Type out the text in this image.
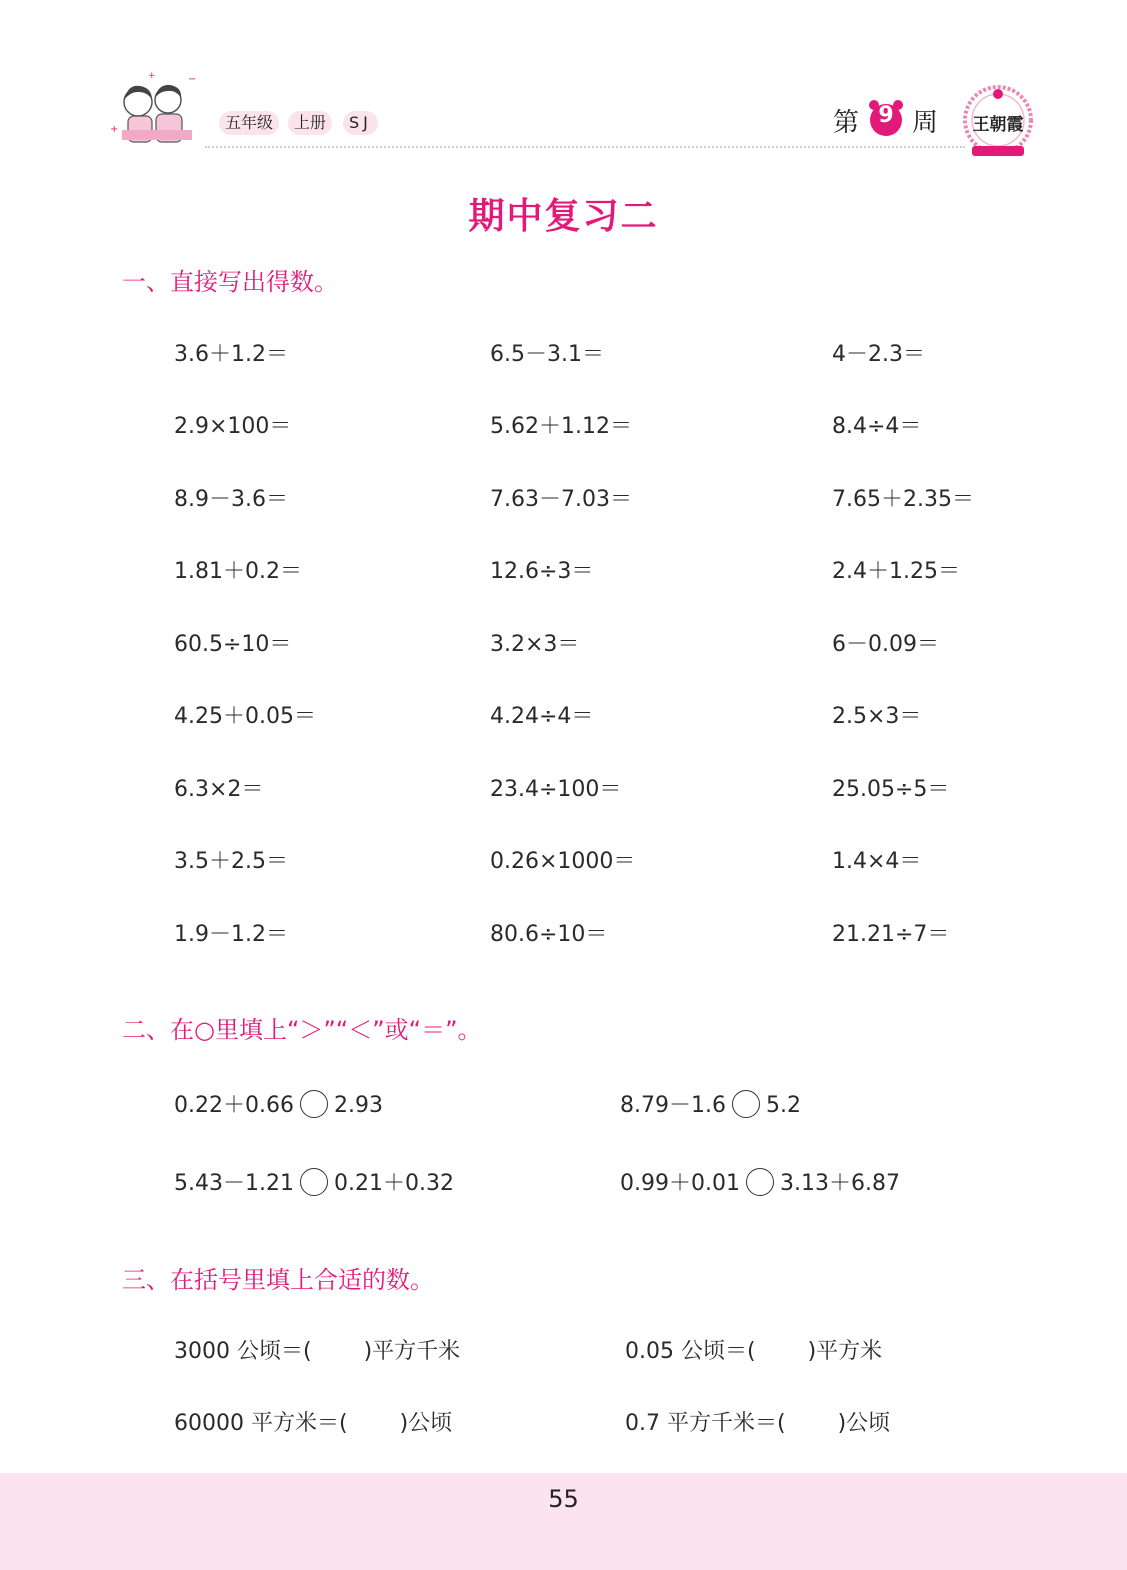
+	−
+	五年级	上册	SJ	第	周
9	王朝霞
期中复习二
一、直接写出得数。
3.6＋1.2＝	6.5－3.1＝	4－2.3＝
2.9×100＝	5.62＋1.12＝	8.4÷4＝
8.9－3.6＝	7.63－7.03＝	7.65＋2.35＝
1.81＋0.2＝	12.6÷3＝	2.4＋1.25＝
60.5÷10＝	3.2×3＝	6－0.09＝
4.25＋0.05＝	4.24÷4＝	2.5×3＝
6.3×2＝	23.4÷100＝	25.05÷5＝
3.5＋2.5＝	0.26×1000＝	1.4×4＝
1.9－1.2＝	80.6÷10＝	21.21÷7＝
二、在○里填上“＞”“＜”或“＝”。
0.22＋0.66 2.93	8.79－1.6 5.2
5.43－1.21 0.21＋0.32	0.99＋0.01 3.13＋6.87
三、在括号里填上合适的数。
3000 公顷＝( )平方千米	0.05 公顷＝( )平方米
60000 平方米＝( )公顷	0.7 平方千米＝( )公顷
55
